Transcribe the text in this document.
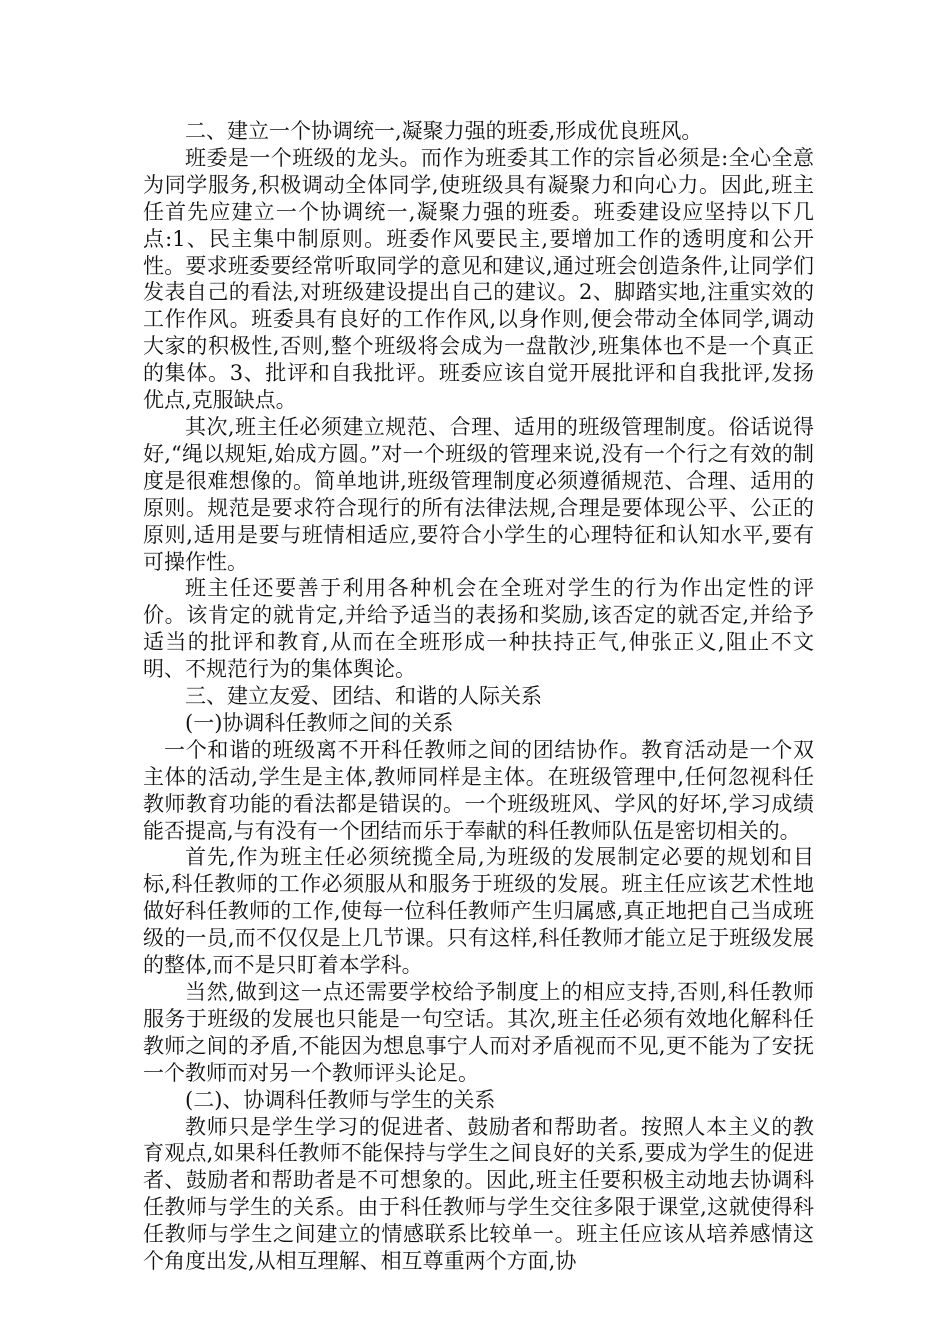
二、建立一个协调统一,凝聚力强的班委,形成优良班风。

班委是一个班级的龙头。而作为班委其工作的宗旨必须是:全心全意为同学服务,积极调动全体同学,使班级具有凝聚力和向心力。因此,班主任首先应建立一个协调统一,凝聚力强的班委。班委建设应坚持以下几点:1、民主集中制原则。班委作风要民主,要增加工作的透明度和公开性。要求班委要经常听取同学的意见和建议,通过班会创造条件,让同学们发表自己的看法,对班级建设提出自己的建议。2、脚踏实地,注重实效的工作作风。班委具有良好的工作作风,以身作则,便会带动全体同学,调动大家的积极性,否则,整个班级将会成为一盘散沙,班集体也不是一个真正的集体。3、批评和自我批评。班委应该自觉开展批评和自我批评,发扬优点,克服缺点。

其次,班主任必须建立规范、合理、适用的班级管理制度。俗话说得好,“绳以规矩,始成方圆。”对一个班级的管理来说,没有一个行之有效的制度是很难想像的。简单地讲,班级管理制度必须遵循规范、合理、适用的原则。规范是要求符合现行的所有法律法规,合理是要体现公平、公正的原则,适用是要与班情相适应,要符合小学生的心理特征和认知水平,要有可操作性。

班主任还要善于利用各种机会在全班对学生的行为作出定性的评价。该肯定的就肯定,并给予适当的表扬和奖励,该否定的就否定,并给予适当的批评和教育,从而在全班形成一种扶持正气,伸张正义,阻止不文明、不规范行为的集体舆论。

三、建立友爱、团结、和谐的人际关系

(一)协调科任教师之间的关系

一个和谐的班级离不开科任教师之间的团结协作。教育活动是一个双主体的活动,学生是主体,教师同样是主体。在班级管理中,任何忽视科任教师教育功能的看法都是错误的。一个班级班风、学风的好坏,学习成绩能否提高,与有没有一个团结而乐于奉献的科任教师队伍是密切相关的。

首先,作为班主任必须统揽全局,为班级的发展制定必要的规划和目标,科任教师的工作必须服从和服务于班级的发展。班主任应该艺术性地做好科任教师的工作,使每一位科任教师产生归属感,真正地把自己当成班级的一员,而不仅仅是上几节课。只有这样,科任教师才能立足于班级发展的整体,而不是只盯着本学科。

当然,做到这一点还需要学校给予制度上的相应支持,否则,科任教师服务于班级的发展也只能是一句空话。其次,班主任必须有效地化解科任教师之间的矛盾,不能因为想息事宁人而对矛盾视而不见,更不能为了安抚一个教师而对另一个教师评头论足。

(二)、协调科任教师与学生的关系

教师只是学生学习的促进者、鼓励者和帮助者。按照人本主义的教育观点,如果科任教师不能保持与学生之间良好的关系,要成为学生的促进者、鼓励者和帮助者是不可想象的。因此,班主任要积极主动地去协调科任教师与学生的关系。由于科任教师与学生交往多限于课堂,这就使得科任教师与学生之间建立的情感联系比较单一。班主任应该从培养感情这个角度出发,从相互理解、相互尊重两个方面,协
